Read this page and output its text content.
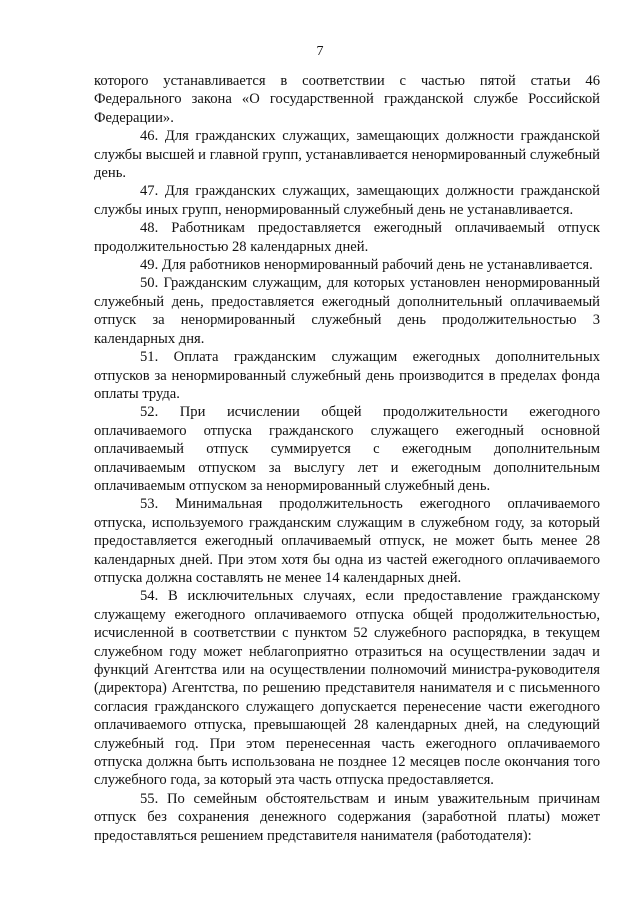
7

которого устанавливается в соответствии с частью пятой статьи 46 Федерального закона «О государственной гражданской службе Российской Федерации».

46. Для гражданских служащих, замещающих должности гражданской службы высшей и главной групп, устанавливается ненормированный служебный день.

47. Для гражданских служащих, замещающих должности гражданской службы иных групп, ненормированный служебный день не устанавливается.

48. Работникам предоставляется ежегодный оплачиваемый отпуск продолжительностью 28 календарных дней.

49. Для работников ненормированный рабочий день не устанавливается.

50. Гражданским служащим, для которых установлен ненормированный служебный день, предоставляется ежегодный дополнительный оплачиваемый отпуск за ненормированный служебный день продолжительностью 3 календарных дня.

51. Оплата гражданским служащим ежегодных дополнительных отпусков за ненормированный служебный день производится в пределах фонда оплаты труда.

52. При исчислении общей продолжительности ежегодного оплачиваемого отпуска гражданского служащего ежегодный основной оплачиваемый отпуск суммируется с ежегодным дополнительным оплачиваемым отпуском за выслугу лет и ежегодным дополнительным оплачиваемым отпуском за ненормированный служебный день.

53. Минимальная продолжительность ежегодного оплачиваемого отпуска, используемого гражданским служащим в служебном году, за который предоставляется ежегодный оплачиваемый отпуск, не может быть менее 28 календарных дней. При этом хотя бы одна из частей ежегодного оплачиваемого отпуска должна составлять не менее 14 календарных дней.

54. В исключительных случаях, если предоставление гражданскому служащему ежегодного оплачиваемого отпуска общей продолжительностью, исчисленной в соответствии с пунктом 52 служебного распорядка, в текущем служебном году может неблагоприятно отразиться на осуществлении задач и функций Агентства или на осуществлении полномочий министра-руководителя (директора) Агентства, по решению представителя нанимателя и с письменного согласия гражданского служащего допускается перенесение части ежегодного оплачиваемого отпуска, превышающей 28 календарных дней, на следующий служебный год. При этом перенесенная часть ежегодного оплачиваемого отпуска должна быть использована не позднее 12 месяцев после окончания того служебного года, за который эта часть отпуска предоставляется.

55. По семейным обстоятельствам и иным уважительным причинам отпуск без сохранения денежного содержания (заработной платы) может предоставляться решением представителя нанимателя (работодателя):
